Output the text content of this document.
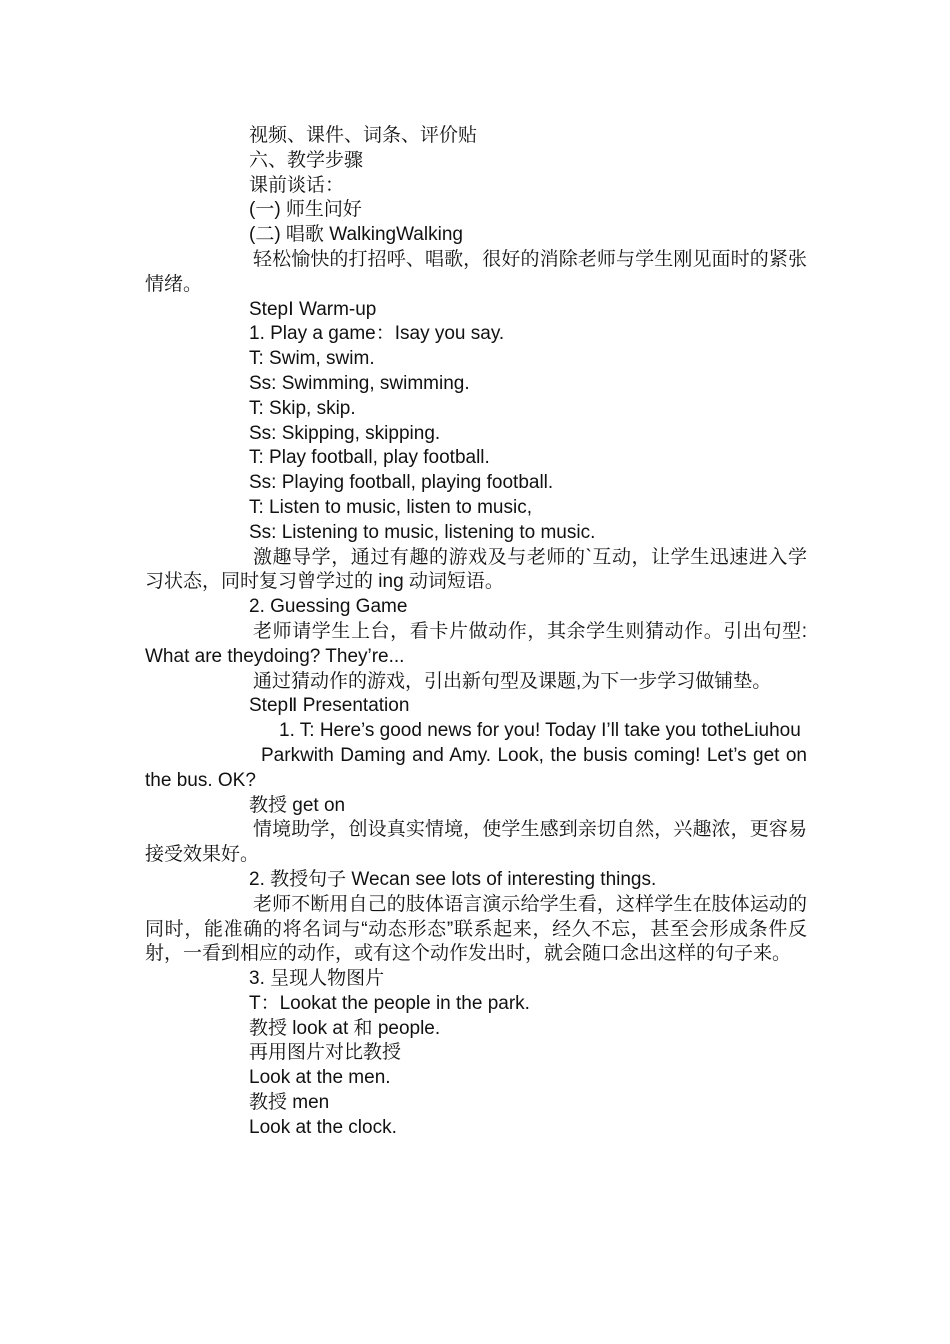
视频、课件、词条、评价贴
六、教学步骤
课前谈话：
(一) 师生问好
(二) 唱歌 WalkingWalking
轻松愉快的打招呼、唱歌，很好的消除老师与学生刚见面时的紧张情绪。
StepⅠ Warm-up
1. Play a game：Isay you say.
T: Swim, swim.
Ss: Swimming, swimming.
T: Skip, skip.
Ss: Skipping, skipping.
T: Play football, play football.
Ss: Playing football, playing football.
T: Listen to music, listen to music,
Ss: Listening to music, listening to music.
激趣导学，通过有趣的游戏及与老师的`互动，让学生迅速进入学习状态，同时复习曾学过的 ing 动词短语。
2. Guessing Game
老师请学生上台，看卡片做动作，其余学生则猜动作。引出句型: What are theydoing? They’re...
通过猜动作的游戏，引出新句型及课题,为下一步学习做铺垫。
StepⅡ Presentation
1. T: Here’s good news for you! Today I’ll take you totheLiuhou
Parkwith Daming and Amy. Look, the busis coming! Let’s get on the bus. OK?
教授 get on
情境助学，创设真实情境，使学生感到亲切自然，兴趣浓，更容易接受效果好。
2. 教授句子 Wecan see lots of interesting things.
老师不断用自己的肢体语言演示给学生看，这样学生在肢体运动的同时，能准确的将名词与“动态形态”联系起来，经久不忘，甚至会形成条件反射，一看到相应的动作，或有这个动作发出时，就会随口念出这样的句子来。
3. 呈现人物图片
T：Lookat the people in the park.
教授 look at 和 people.
再用图片对比教授
Look at the men.
教授 men
Look at the clock.
